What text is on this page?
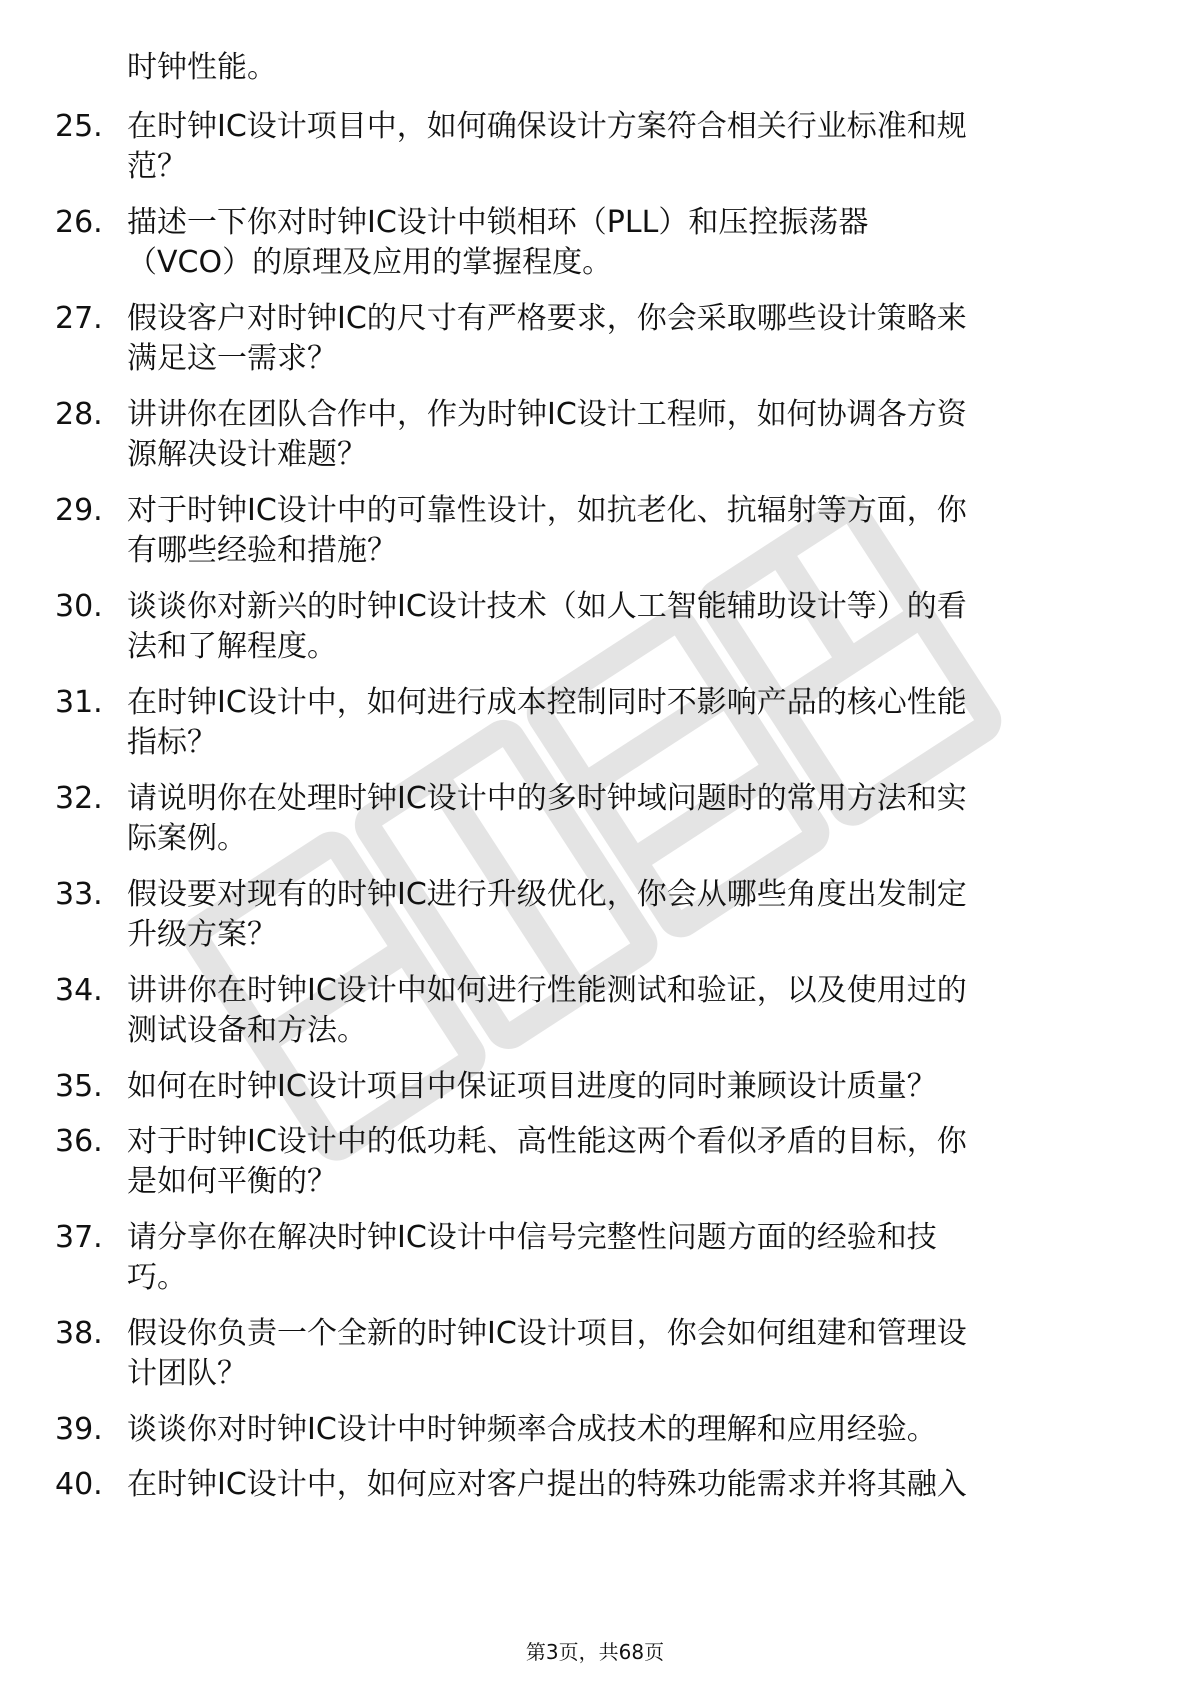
时钟性能。
25. 在时钟IC设计项目中，如何确保设计方案符合相关行业标准和规
范？
26. 描述一下你对时钟IC设计中锁相环（PLL）和压控振荡器
（VCO）的原理及应用的掌握程度。
27. 假设客户对时钟IC的尺寸有严格要求，你会采取哪些设计策略来
满足这一需求？
28. 讲讲你在团队合作中，作为时钟IC设计工程师，如何协调各方资
源解决设计难题？
29. 对于时钟IC设计中的可靠性设计，如抗老化、抗辐射等方面，你
有哪些经验和措施？
30. 谈谈你对新兴的时钟IC设计技术（如人工智能辅助设计等）的看
法和了解程度。
31. 在时钟IC设计中，如何进行成本控制同时不影响产品的核心性能
指标？
32. 请说明你在处理时钟IC设计中的多时钟域问题时的常用方法和实
际案例。
33. 假设要对现有的时钟IC进行升级优化，你会从哪些角度出发制定
升级方案？
34. 讲讲你在时钟IC设计中如何进行性能测试和验证，以及使用过的
测试设备和方法。
35. 如何在时钟IC设计项目中保证项目进度的同时兼顾设计质量？
36. 对于时钟IC设计中的低功耗、高性能这两个看似矛盾的目标，你
是如何平衡的？
37. 请分享你在解决时钟IC设计中信号完整性问题方面的经验和技
巧。
38. 假设你负责一个全新的时钟IC设计项目，你会如何组建和管理设
计团队？
39. 谈谈你对时钟IC设计中时钟频率合成技术的理解和应用经验。
40. 在时钟IC设计中，如何应对客户提出的特殊功能需求并将其融入
第3页，共68页
